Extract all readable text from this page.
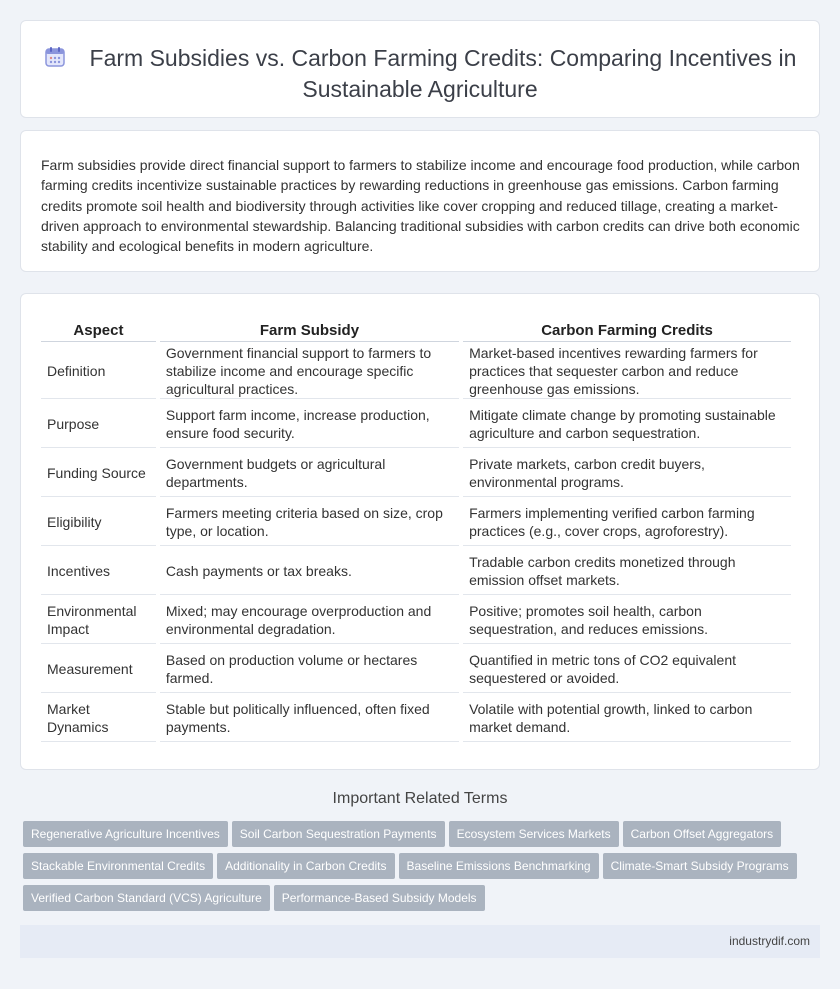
Farm Subsidies vs. Carbon Farming Credits: Comparing Incentives in Sustainable Agriculture

Farm subsidies provide direct financial support to farmers to stabilize income and encourage food production, while carbon farming credits incentivize sustainable practices by rewarding reductions in greenhouse gas emissions. Carbon farming credits promote soil health and biodiversity through activities like cover cropping and reduced tillage, creating a market-driven approach to environmental stewardship. Balancing traditional subsidies with carbon credits can drive both economic stability and ecological benefits in modern agriculture.

Aspect	Farm Subsidy	Carbon Farming Credits
Definition	Government financial support to farmers to stabilize income and encourage specific agricultural practices.	Market-based incentives rewarding farmers for practices that sequester carbon and reduce greenhouse gas emissions.
Purpose	Support farm income, increase production, ensure food security.	Mitigate climate change by promoting sustainable agriculture and carbon sequestration.
Funding Source	Government budgets or agricultural departments.	Private markets, carbon credit buyers, environmental programs.
Eligibility	Farmers meeting criteria based on size, crop type, or location.	Farmers implementing verified carbon farming practices (e.g., cover crops, agroforestry).
Incentives	Cash payments or tax breaks.	Tradable carbon credits monetized through emission offset markets.
Environmental Impact	Mixed; may encourage overproduction and environmental degradation.	Positive; promotes soil health, carbon sequestration, and reduces emissions.
Measurement	Based on production volume or hectares farmed.	Quantified in metric tons of CO2 equivalent sequestered or avoided.
Market Dynamics	Stable but politically influenced, often fixed payments.	Volatile with potential growth, linked to carbon market demand.
Important Related Terms
Regenerative Agriculture Incentives Soil Carbon Sequestration Payments Ecosystem Services Markets Carbon Offset Aggregators
Stackable Environmental Credits Additionality in Carbon Credits Baseline Emissions Benchmarking Climate-Smart Subsidy Programs
Verified Carbon Standard (VCS) Agriculture Performance-Based Subsidy Models
industrydif.com
